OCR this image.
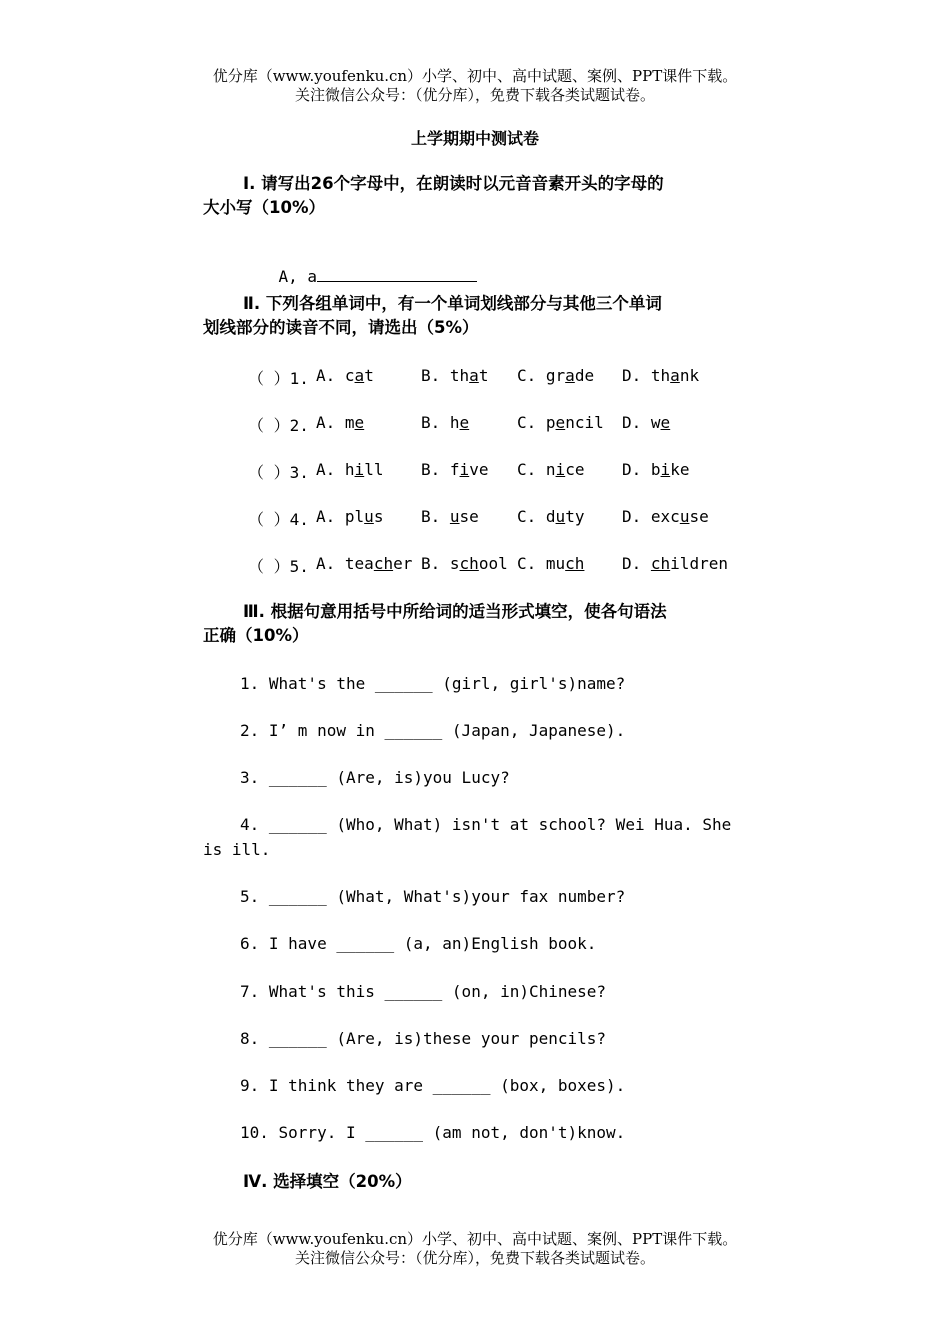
优分库（www.youfenku.cn）小学、初中、高中试题、案例、PPT课件下载。
关注微信公众号：（优分库），免费下载各类试题试卷。
上学期期中测试卷
Ⅰ. 请写出26个字母中，在朗读时以元音音素开头的字母的
大小写（10%）

A, a

Ⅱ. 下列各组单词中，有一个单词划线部分与其他三个单词
划线部分的读音不同，请选出（5%）
（ ）1. A. cat	B. that C. grade D. thank
（ ）2. A. me	B. he	C. pencil D. we
（ ）3. A. hill B. five C. nice D. bike
（ ）4. A. plus B. use C. duty D. excuse
（ ）5. A. teacher B. school C. much D. children
Ⅲ. 根据句意用括号中所给词的适当形式填空，使各句语法
正确（10%）
1. What's the ______ (girl, girl's)name?
2. I’ m now in ______ (Japan, Japanese).
3. ______ (Are, is)you Lucy?
4. ______ (Who, What) isn't at school? Wei Hua. She
is ill.
5. ______ (What, What's)your fax number?
6. I have ______ (a, an)English book.
7. What's this ______ (on, in)Chinese?
8. ______ (Are, is)these your pencils?
9. I think they are ______ (box, boxes).
10. Sorry. I ______ (am not, don't)know.
Ⅳ. 选择填空（20%）
优分库（www.youfenku.cn）小学、初中、高中试题、案例、PPT课件下载。
关注微信公众号：（优分库），免费下载各类试题试卷。
